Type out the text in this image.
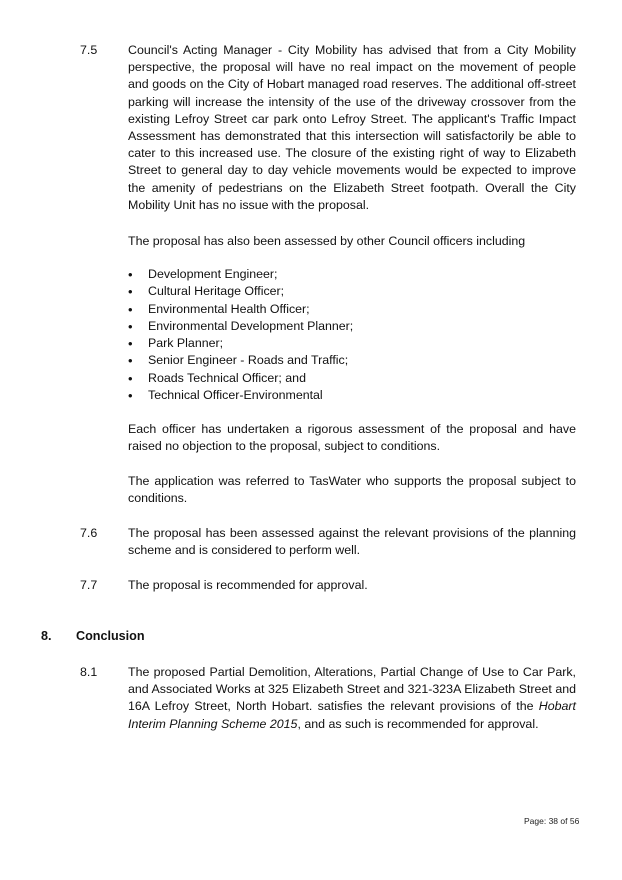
7.5 Council's Acting Manager - City Mobility has advised that from a City Mobility perspective, the proposal will have no real impact on the movement of people and goods on the City of Hobart managed road reserves. The additional off-street parking will increase the intensity of the use of the driveway crossover from the existing Lefroy Street car park onto Lefroy Street. The applicant's Traffic Impact Assessment has demonstrated that this intersection will satisfactorily be able to cater to this increased use. The closure of the existing right of way to Elizabeth Street to general day to day vehicle movements would be expected to improve the amenity of pedestrians on the Elizabeth Street footpath. Overall the City Mobility Unit has no issue with the proposal.
The proposal has also been assessed by other Council officers including
• Development Engineer;
• Cultural Heritage Officer;
• Environmental Health Officer;
• Environmental Development Planner;
• Park Planner;
• Senior Engineer - Roads and Traffic;
• Roads Technical Officer; and
• Technical Officer-Environmental
Each officer has undertaken a rigorous assessment of the proposal and have raised no objection to the proposal, subject to conditions.
The application was referred to TasWater who supports the proposal subject to conditions.
7.6 The proposal has been assessed against the relevant provisions of the planning scheme and is considered to perform well.
7.7 The proposal is recommended for approval.
8. Conclusion
8.1 The proposed Partial Demolition, Alterations, Partial Change of Use to Car Park, and Associated Works at 325 Elizabeth Street and 321-323A Elizabeth Street and 16A Lefroy Street, North Hobart. satisfies the relevant provisions of the Hobart Interim Planning Scheme 2015, and as such is recommended for approval.
Page: 38 of 56
